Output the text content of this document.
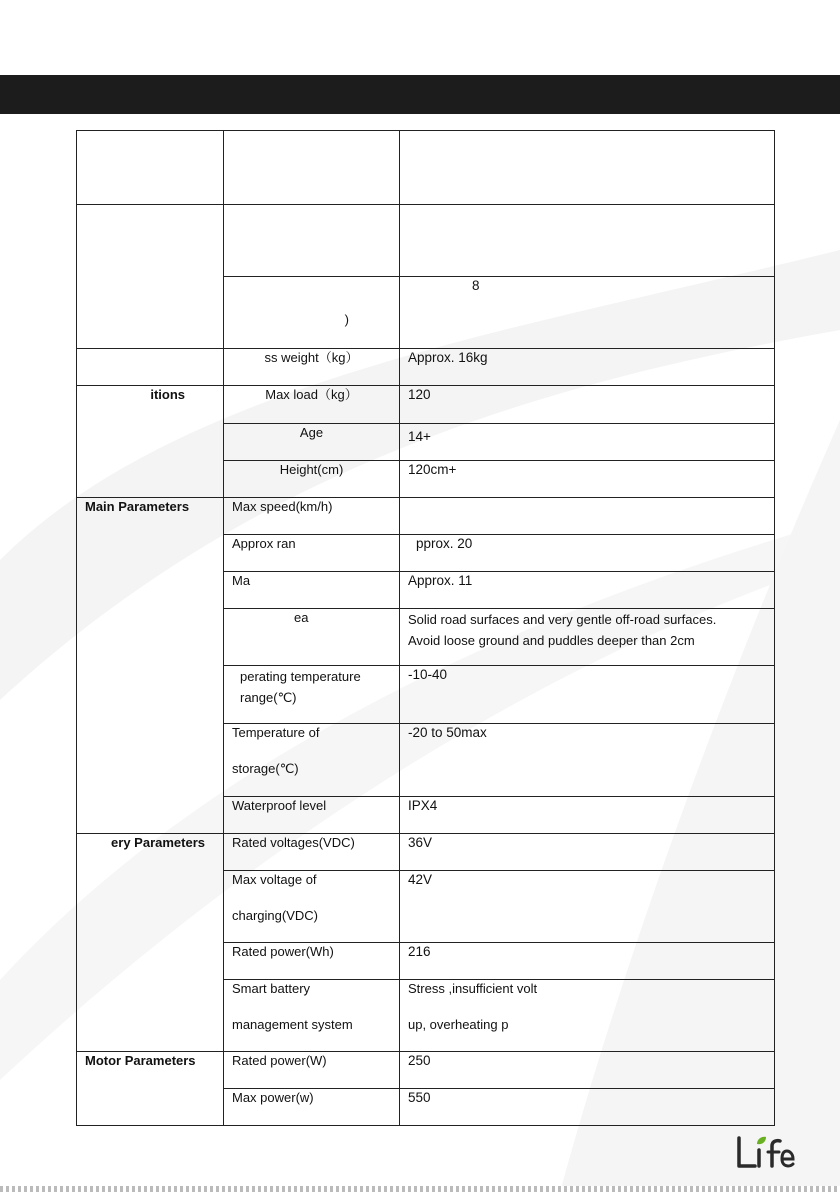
	)	8
	ss weight（kg）	Approx. 16kg
itions	Max load（kg）	120
	Age	14+
	Height(cm)	120cm+
Main Parameters	Max speed(km/h)	
	Approx ran	pprox. 20
	Ma	Approx. 11
	ea	Solid road surfaces and very gentle off-road surfaces.
Avoid loose ground and puddles deeper than 2cm
	perating temperature
range(℃)	-10-40
	Temperature of

storage(℃)	-20 to 50max
	Waterproof level	IPX4
ery Parameters	Rated voltages(VDC)	36V
	Max voltage of

charging(VDC)	42V
	Rated power(Wh)	216
	Smart battery

management system	Stress ,insufficient volt

up, overheating p
Motor Parameters	Rated power(W)	250
	Max power(w)	550
